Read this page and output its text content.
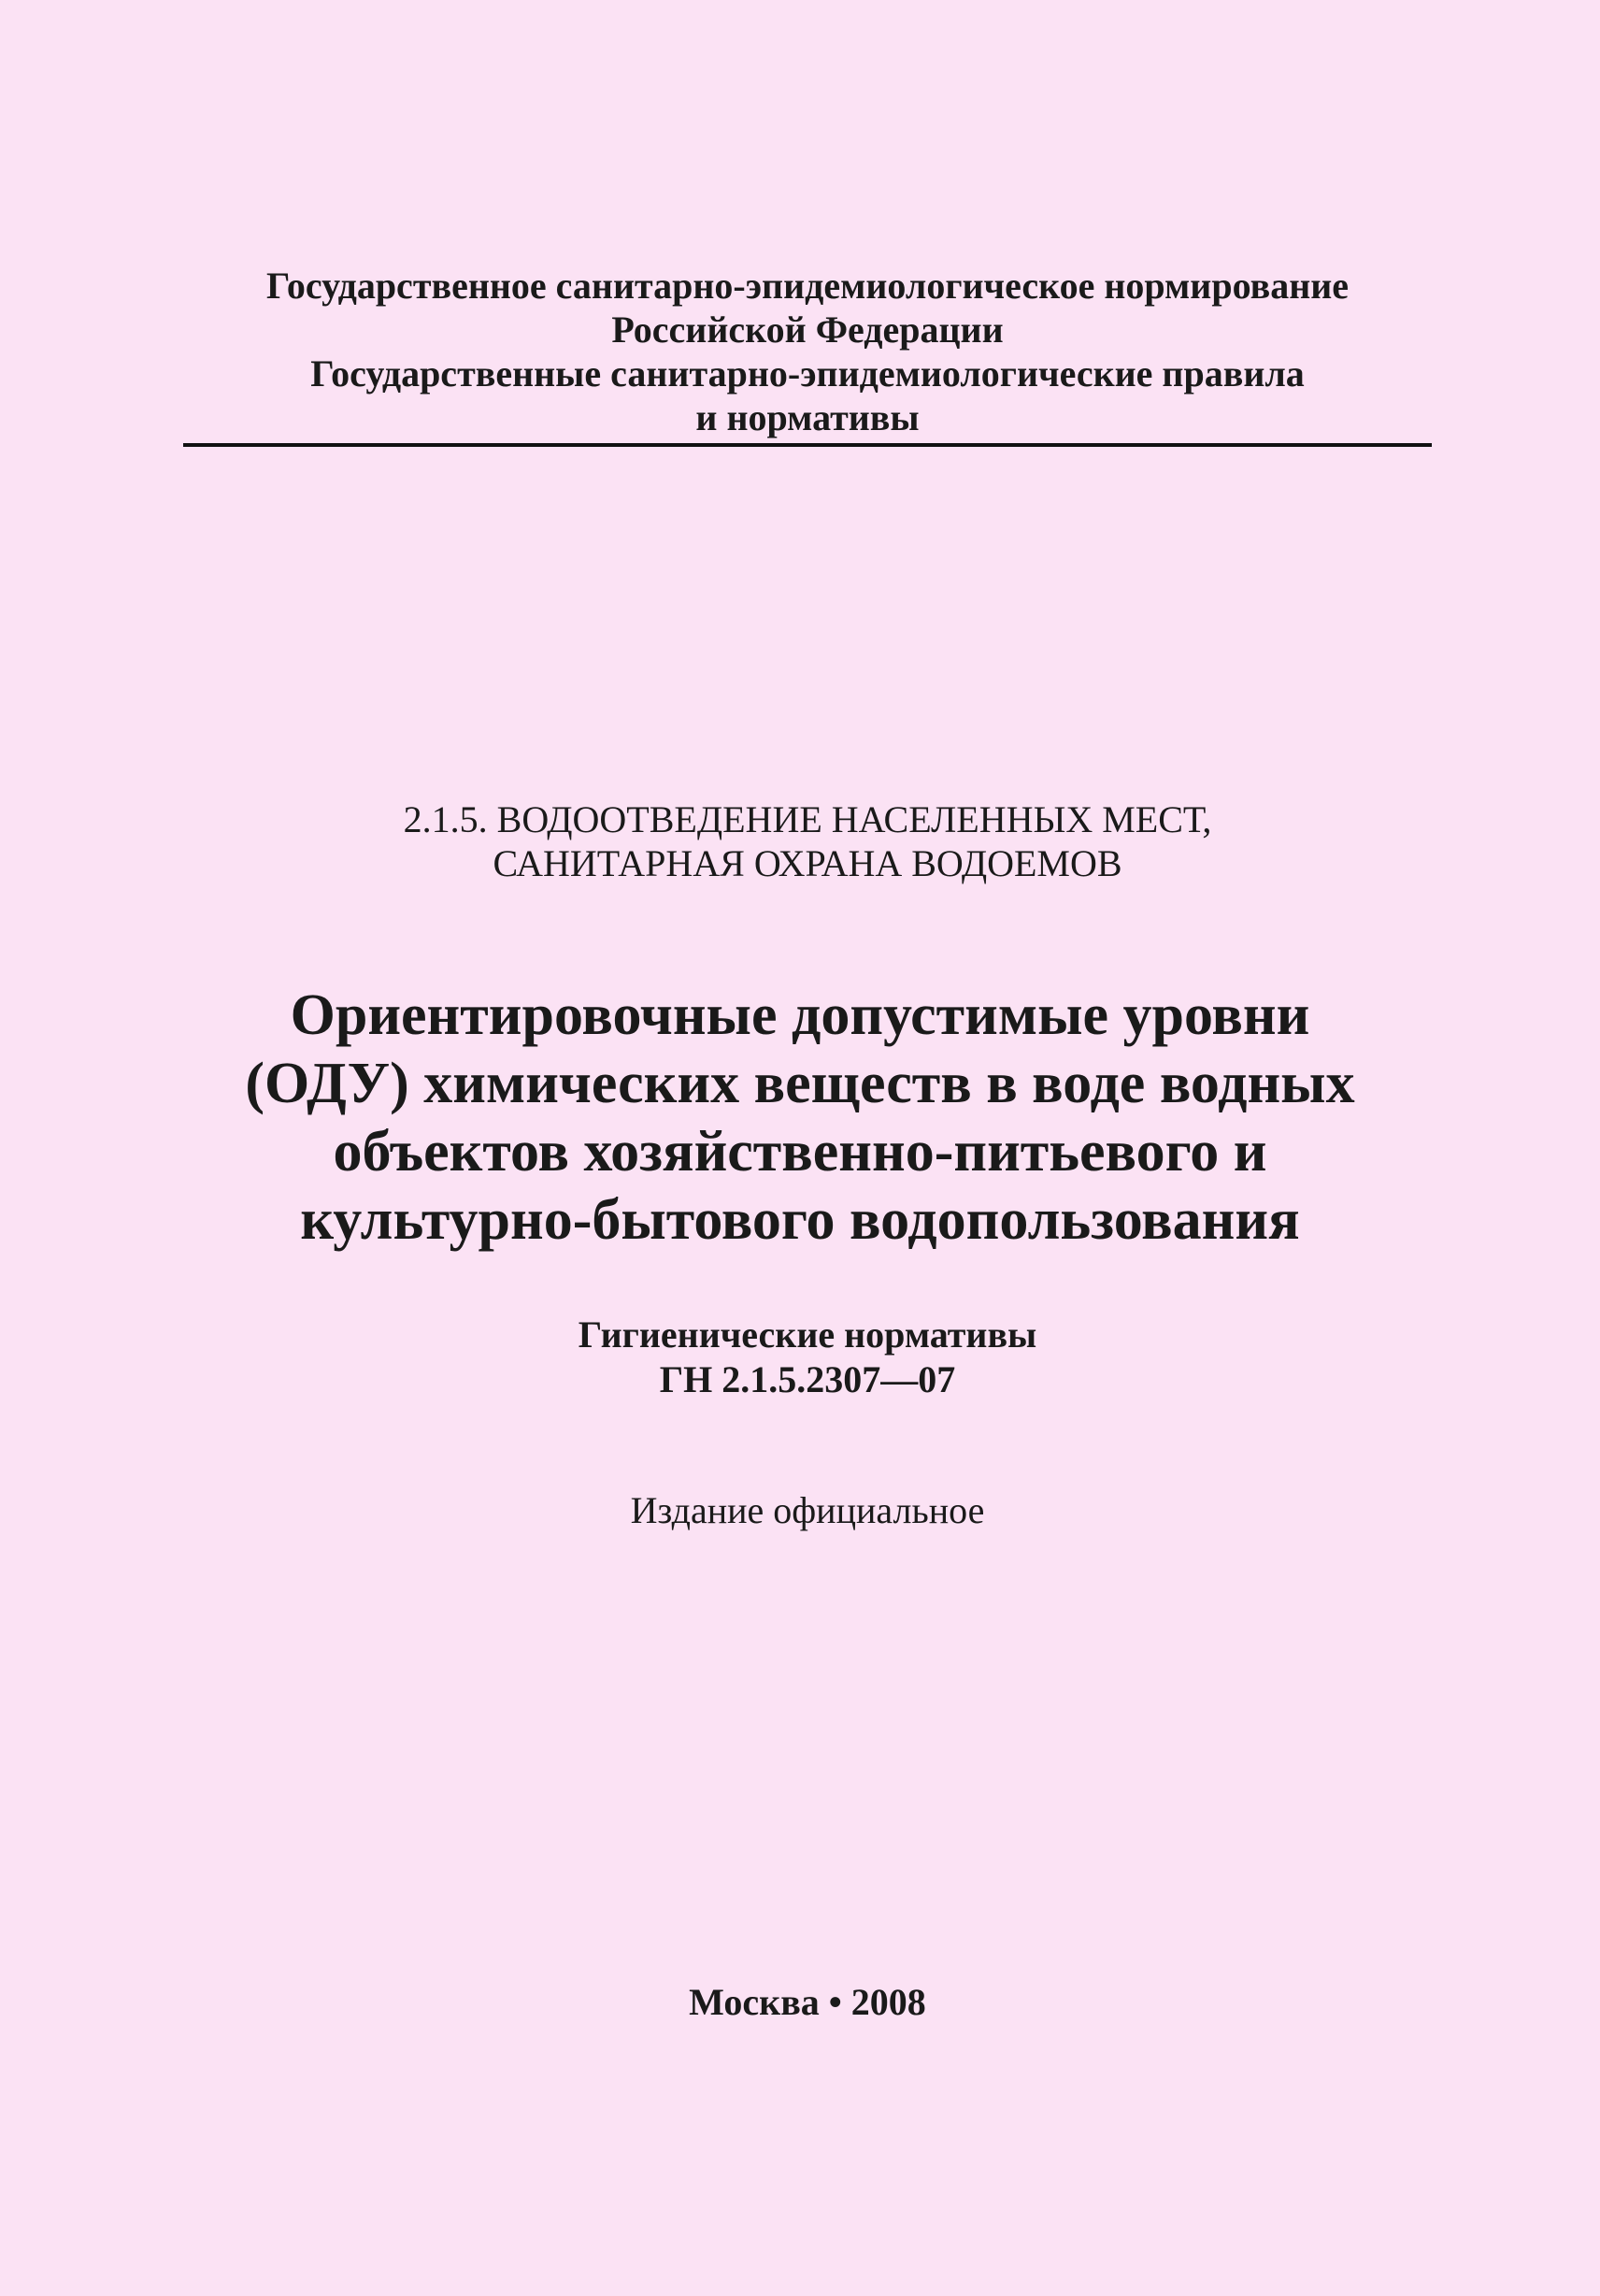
Государственное санитарно-эпидемиологическое нормирование
Российской Федерации
Государственные санитарно-эпидемиологические правила
и нормативы
2.1.5. ВОДООТВЕДЕНИЕ НАСЕЛЕННЫХ МЕСТ,
САНИТАРНАЯ ОХРАНА ВОДОЕМОВ
Ориентировочные допустимые уровни
(ОДУ) химических веществ в воде водных
объектов хозяйственно-питьевого и
культурно-бытового водопользования
Гигиенические нормативы
ГН 2.1.5.2307—07
Издание официальное
Москва • 2008
